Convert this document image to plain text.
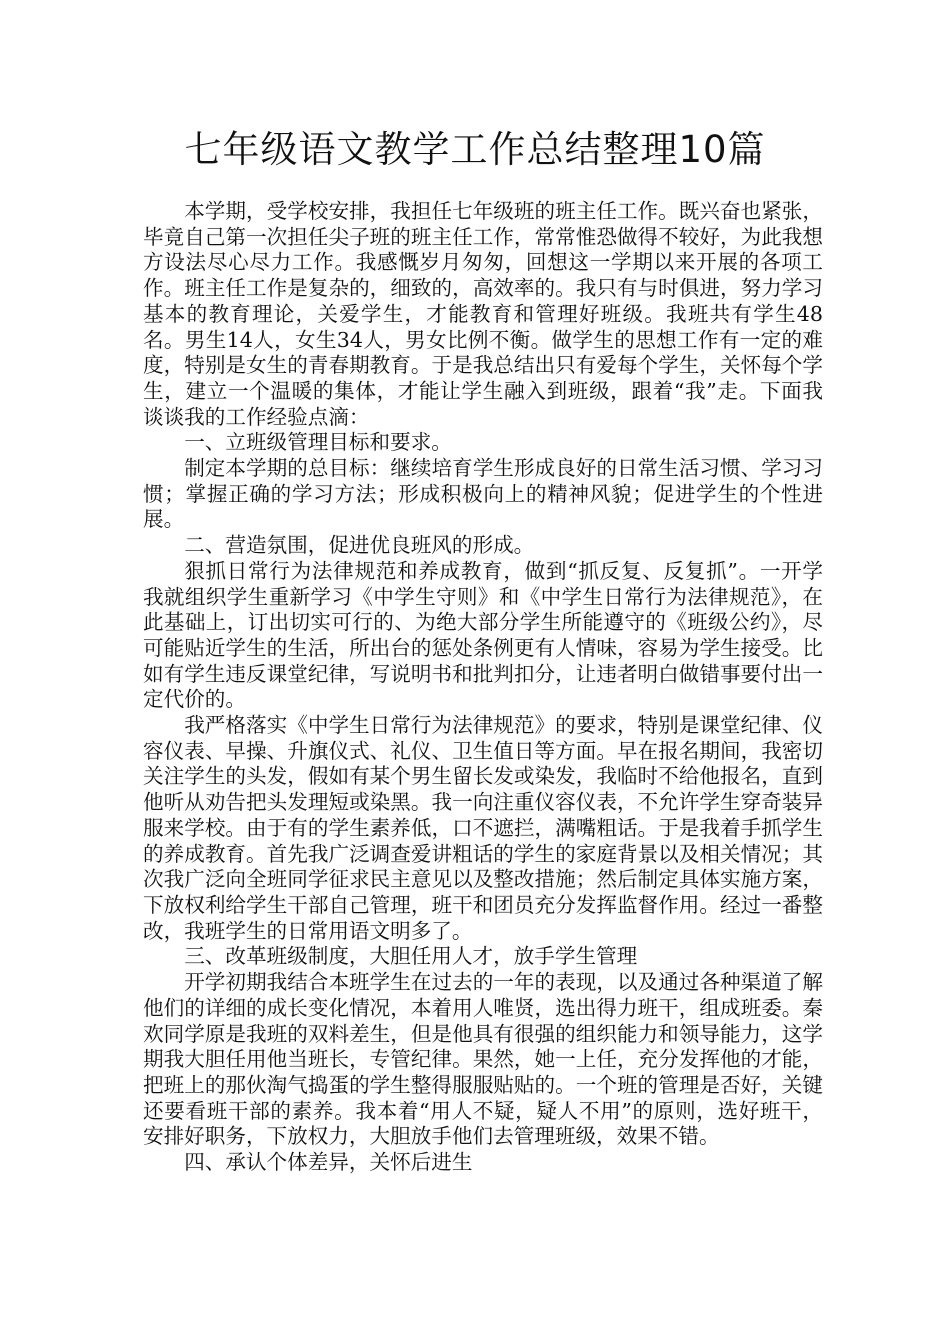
七年级语文教学工作总结整理10篇

本学期，受学校安排，我担任七年级班的班主任工作。既兴奋也紧张，毕竟自己第一次担任尖子班的班主任工作，常常惟恐做得不较好，为此我想方设法尽心尽力工作。我感慨岁月匆匆，回想这一学期以来开展的各项工作。班主任工作是复杂的，细致的，高效率的。我只有与时俱进，努力学习基本的教育理论，关爱学生，才能教育和管理好班级。我班共有学生48名。男生14人，女生34人，男女比例不衡。做学生的思想工作有一定的难度，特别是女生的青春期教育。于是我总结出只有爱每个学生，关怀每个学生，建立一个温暖的集体，才能让学生融入到班级，跟着“我”走。下面我谈谈我的工作经验点滴：

一、立班级管理目标和要求。

制定本学期的总目标：继续培育学生形成良好的日常生活习惯、学习习惯；掌握正确的学习方法；形成积极向上的精神风貌；促进学生的个性进展。

二、营造氛围，促进优良班风的形成。

狠抓日常行为法律规范和养成教育，做到“抓反复、反复抓”。一开学我就组织学生重新学习《中学生守则》和《中学生日常行为法律规范》，在此基础上，订出切实可行的、为绝大部分学生所能遵守的《班级公约》，尽可能贴近学生的生活，所出台的惩处条例更有人情味，容易为学生接受。比如有学生违反课堂纪律，写说明书和批判扣分，让违者明白做错事要付出一定代价的。

我严格落实《中学生日常行为法律规范》的要求，特别是课堂纪律、仪容仪表、早操、升旗仪式、礼仪、卫生值日等方面。早在报名期间，我密切关注学生的头发，假如有某个男生留长发或染发，我临时不给他报名，直到他听从劝告把头发理短或染黑。我一向注重仪容仪表，不允许学生穿奇装异服来学校。由于有的学生素养低，口不遮拦，满嘴粗话。于是我着手抓学生的养成教育。首先我广泛调查爱讲粗话的学生的家庭背景以及相关情况；其次我广泛向全班同学征求民主意见以及整改措施；然后制定具体实施方案，下放权利给学生干部自己管理，班干和团员充分发挥监督作用。经过一番整改，我班学生的日常用语文明多了。

三、改革班级制度，大胆任用人才，放手学生管理

开学初期我结合本班学生在过去的一年的表现，以及通过各种渠道了解他们的详细的成长变化情况，本着用人唯贤，选出得力班干，组成班委。秦欢同学原是我班的双料差生，但是他具有很强的组织能力和领导能力，这学期我大胆任用他当班长，专管纪律。果然，她一上任，充分发挥他的才能，把班上的那伙淘气捣蛋的学生整得服服贴贴的。一个班的管理是否好，关键还要看班干部的素养。我本着“用人不疑，疑人不用”的原则，选好班干，安排好职务，下放权力，大胆放手他们去管理班级，效果不错。

四、承认个体差异，关怀后进生
